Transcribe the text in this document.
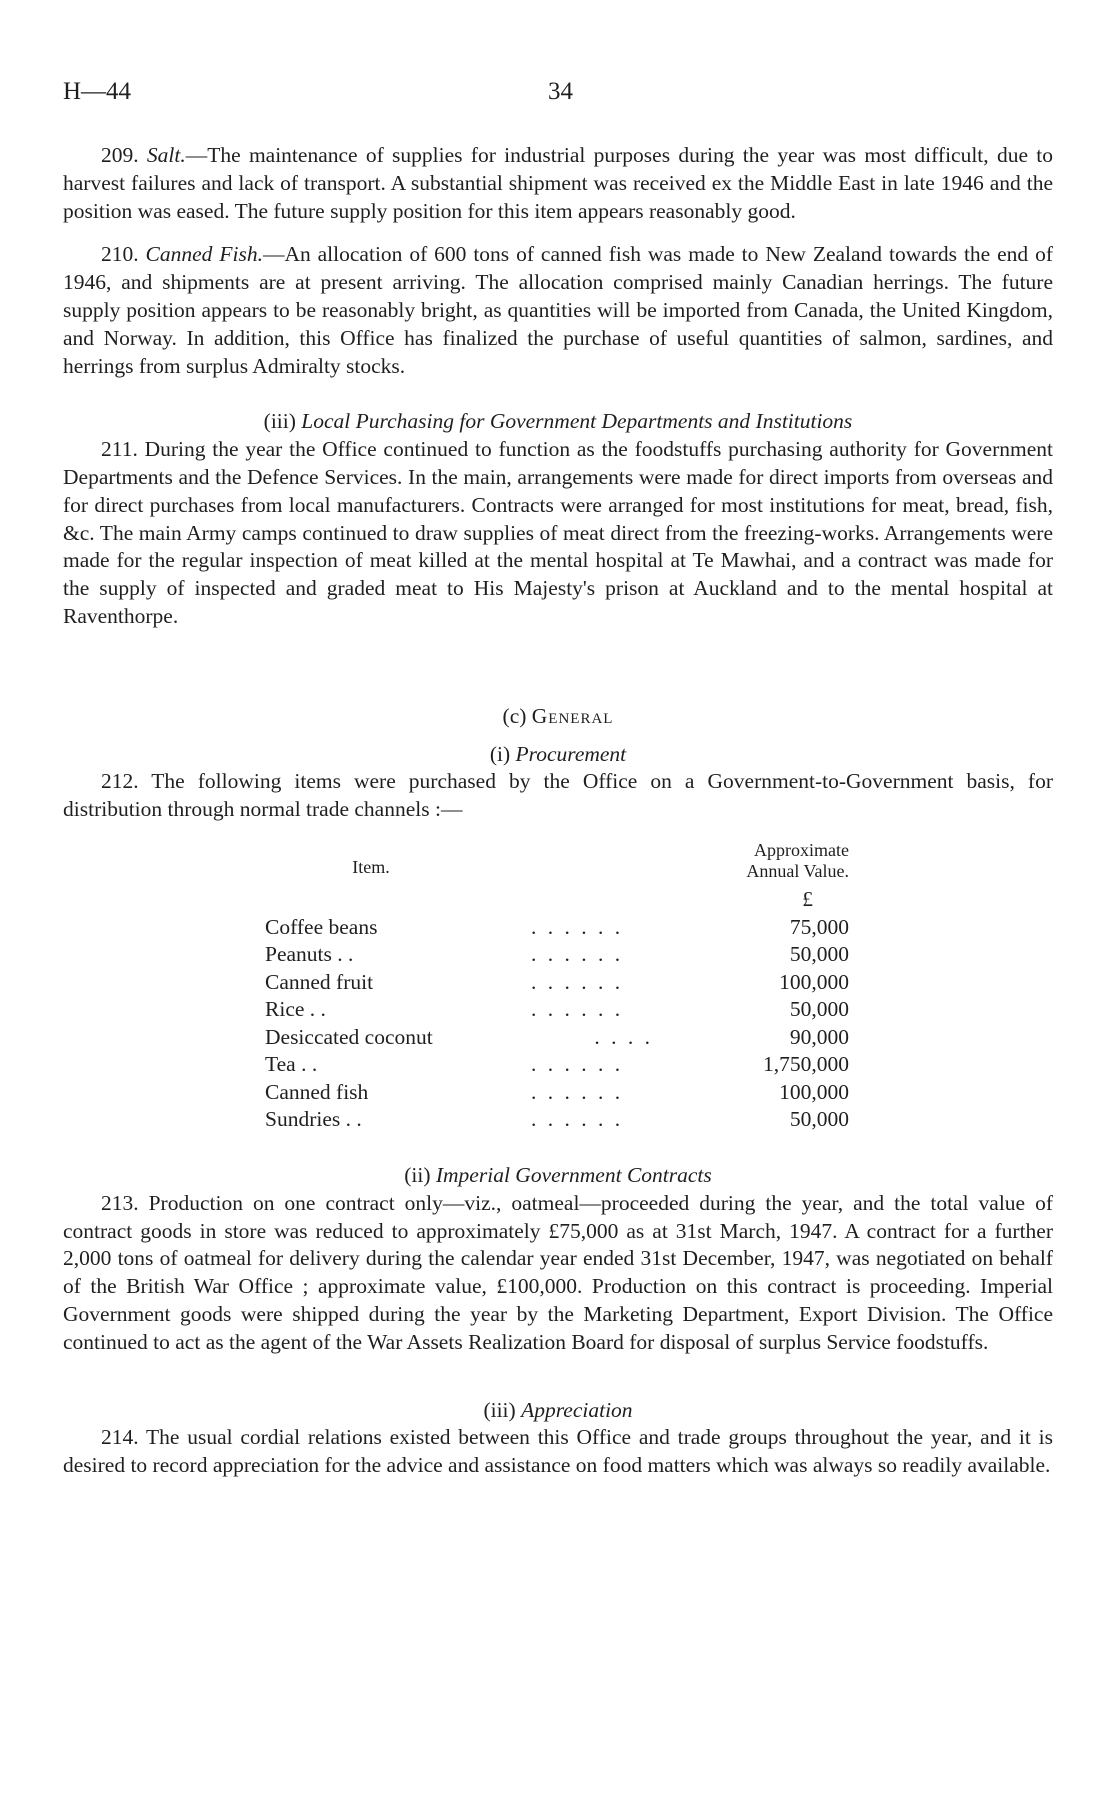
H—44	34

209. Salt.—The maintenance of supplies for industrial purposes during the year was most difficult, due to harvest failures and lack of transport. A substantial shipment was received ex the Middle East in late 1946 and the position was eased. The future supply position for this item appears reasonably good.

210. Canned Fish.—An allocation of 600 tons of canned fish was made to New Zealand towards the end of 1946, and shipments are at present arriving. The allocation comprised mainly Canadian herrings. The future supply position appears to be reasonably bright, as quantities will be imported from Canada, the United Kingdom, and Norway. In addition, this Office has finalized the purchase of useful quantities of salmon, sardines, and herrings from surplus Admiralty stocks.

(iii) Local Purchasing for Government Departments and Institutions

211. During the year the Office continued to function as the foodstuffs purchasing authority for Government Departments and the Defence Services. In the main, arrangements were made for direct imports from overseas and for direct purchases from local manufacturers. Contracts were arranged for most institutions for meat, bread, fish, &c. The main Army camps continued to draw supplies of meat direct from the freezing-works. Arrangements were made for the regular inspection of meat killed at the mental hospital at Te Mawhai, and a contract was made for the supply of inspected and graded meat to His Majesty's prison at Auckland and to the mental hospital at Raventhorpe.

(c) General
(i) Procurement

212. The following items were purchased by the Office on a Government-to-Government basis, for distribution through normal trade channels :—

Item.			Approximate
Annual Value.

			£
Coffee beans	. . . . . .		75,000
Peanuts . .	. . . . . .		50,000
Canned fruit	. . . . . .		100,000
Rice . .	. . . . . .		50,000
Desiccated coconut	. . . .		90,000
Tea . .	. . . . . .		1,750,000
Canned fish	. . . . . .		100,000
Sundries . .	. . . . . .		50,000
(ii) Imperial Government Contracts

213. Production on one contract only—viz., oatmeal—proceeded during the year, and the total value of contract goods in store was reduced to approximately £75,000 as at 31st March, 1947. A contract for a further 2,000 tons of oatmeal for delivery during the calendar year ended 31st December, 1947, was negotiated on behalf of the British War Office ; approximate value, £100,000. Production on this contract is proceeding. Imperial Government goods were shipped during the year by the Marketing Department, Export Division. The Office continued to act as the agent of the War Assets Realization Board for disposal of surplus Service foodstuffs.

(iii) Appreciation

214. The usual cordial relations existed between this Office and trade groups throughout the year, and it is desired to record appreciation for the advice and assistance on food matters which was always so readily available.
